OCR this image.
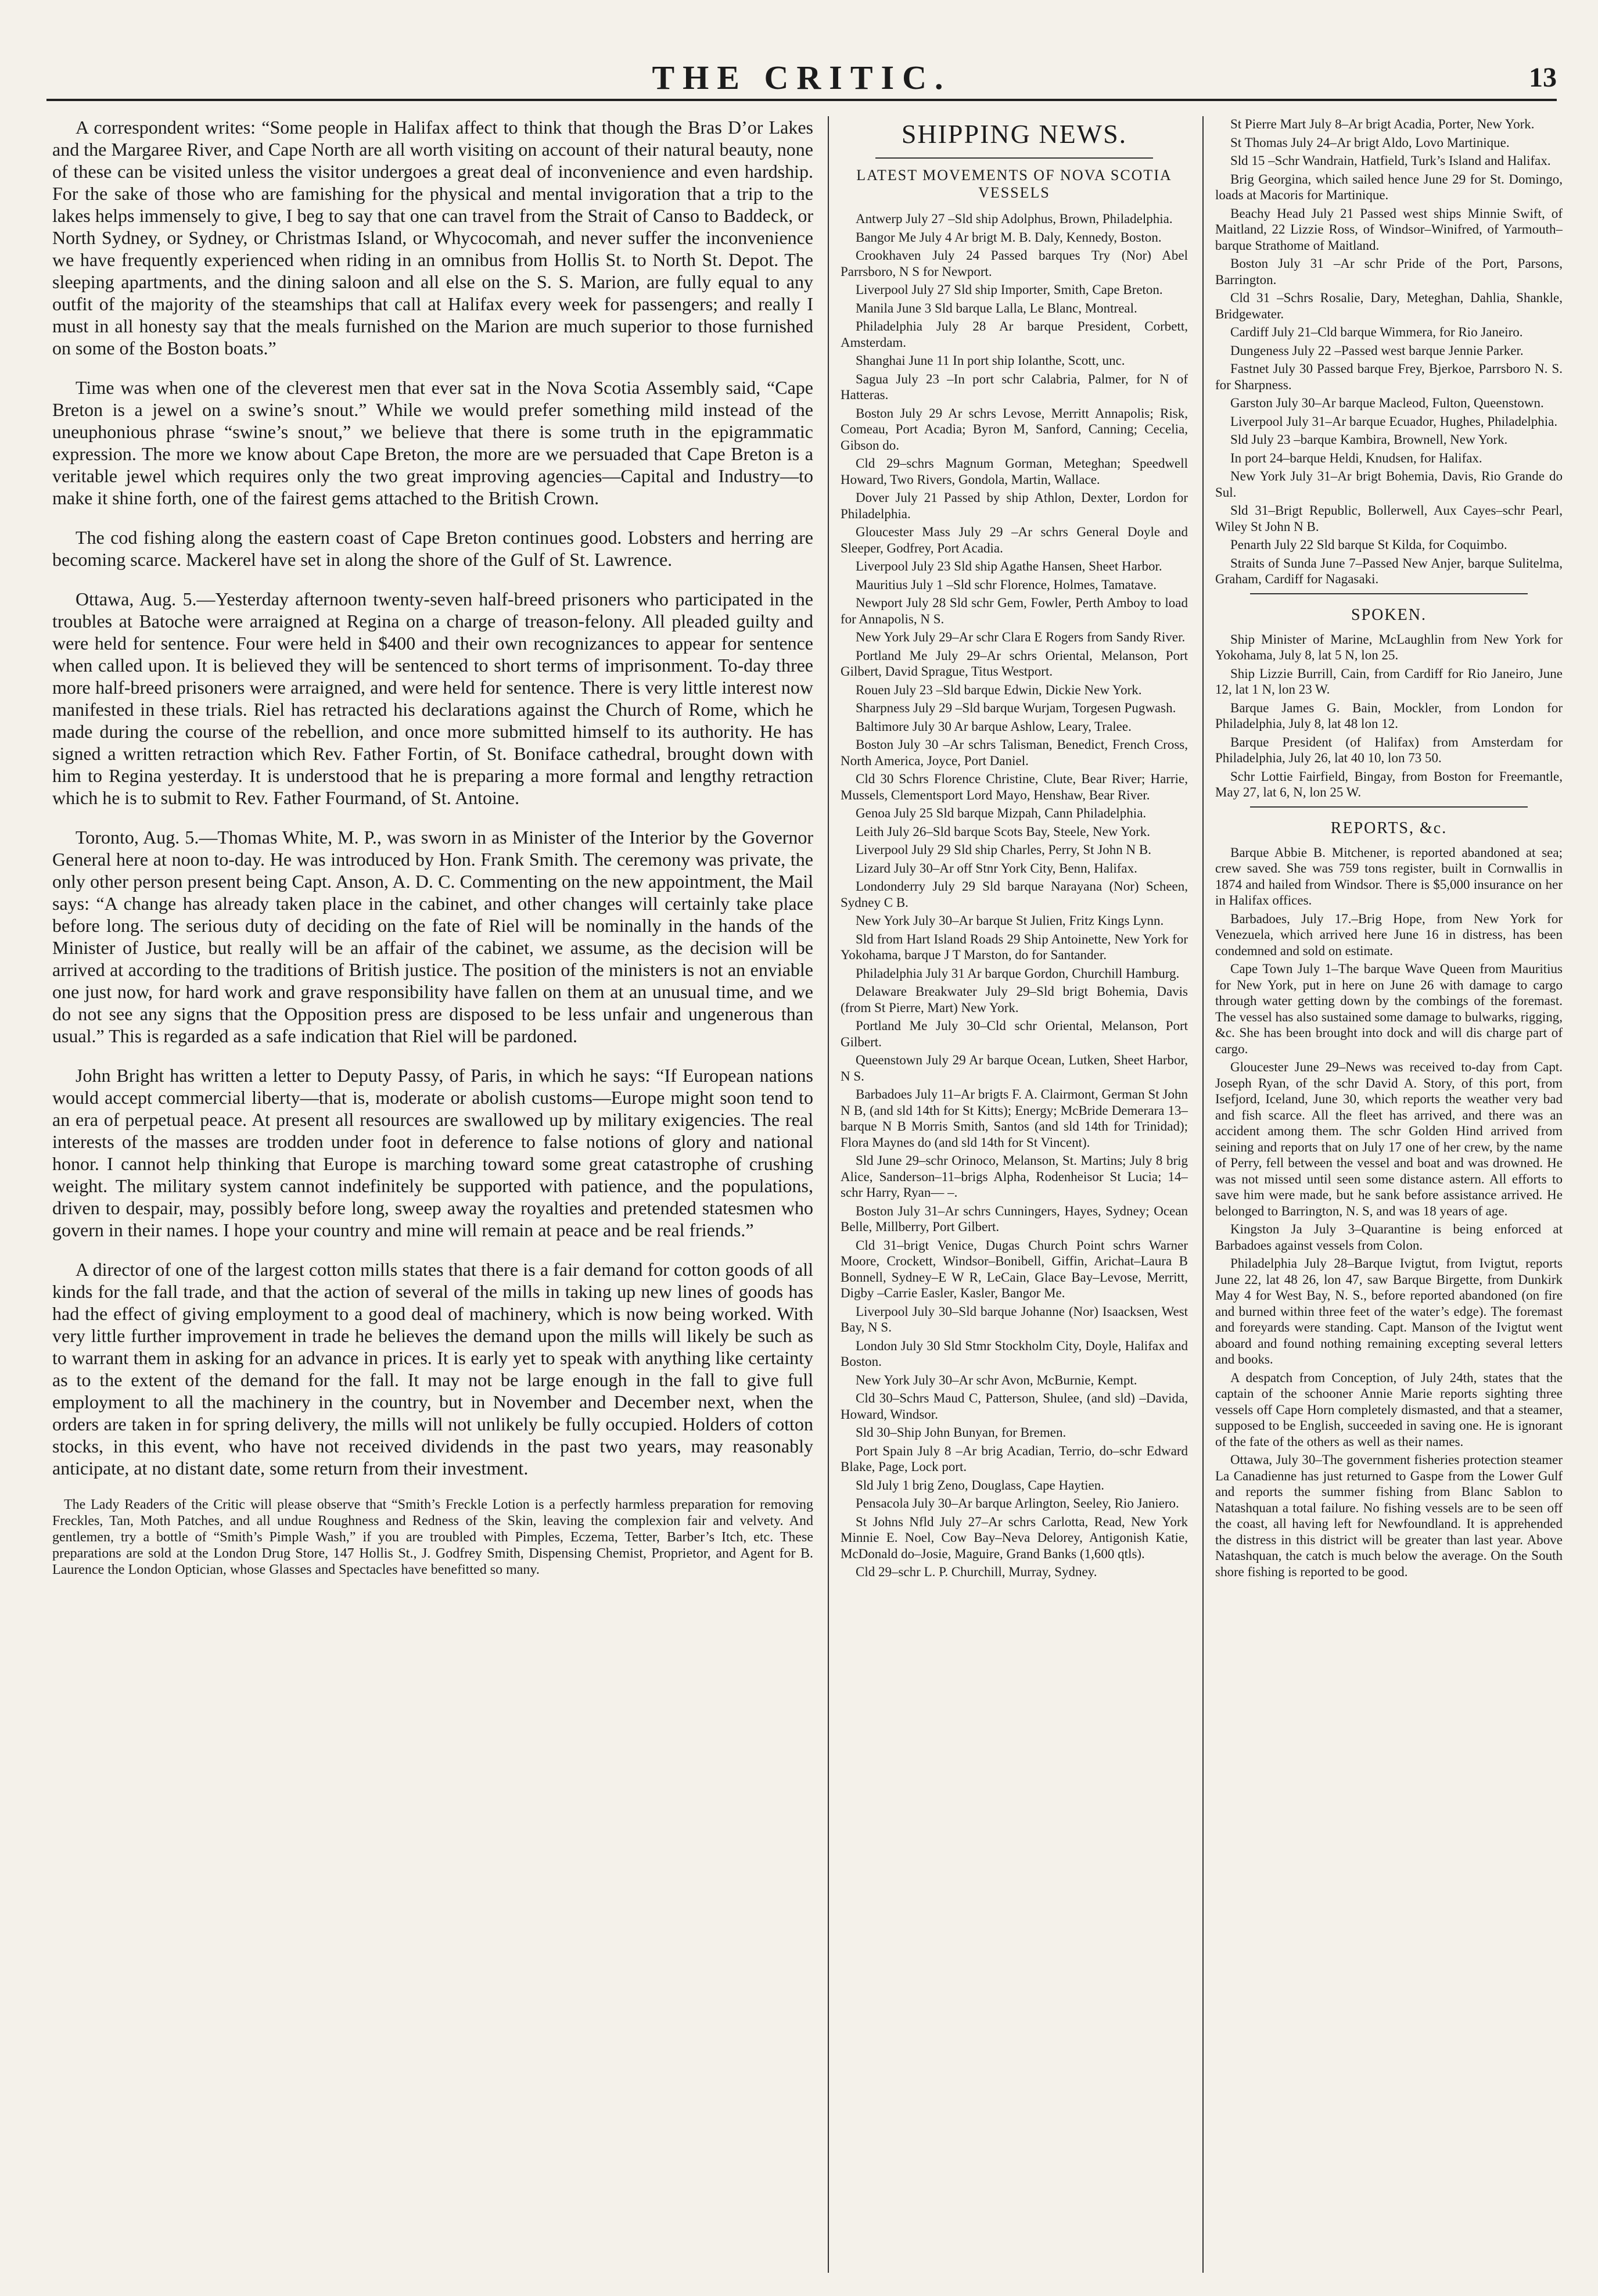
THE CRITIC.	13

A correspondent writes: “Some people in Halifax affect to think that though the Bras D’or Lakes and the Margaree River, and Cape North are all worth visiting on account of their natural beauty, none of these can be visited unless the visitor undergoes a great deal of inconvenience and even hardship. For the sake of those who are famishing for the physical and mental invigoration that a trip to the lakes helps immensely to give, I beg to say that one can travel from the Strait of Canso to Baddeck, or North Sydney, or Sydney, or Christmas Island, or Whycocomah, and never suffer the inconvenience we have frequently experienced when riding in an omnibus from Hollis St. to North St. Depot. The sleeping apartments, and the dining saloon and all else on the S. S. Marion, are fully equal to any outfit of the majority of the steamships that call at Halifax every week for passengers; and really I must in all honesty say that the meals furnished on the Marion are much superior to those furnished on some of the Boston boats.”

Time was when one of the cleverest men that ever sat in the Nova Scotia Assembly said, “Cape Breton is a jewel on a swine’s snout.” While we would prefer something mild instead of the uneuphonious phrase “swine’s snout,” we believe that there is some truth in the epigrammatic expression. The more we know about Cape Breton, the more are we persuaded that Cape Breton is a veritable jewel which requires only the two great improving agencies—Capital and Industry—to make it shine forth, one of the fairest gems attached to the British Crown.

The cod fishing along the eastern coast of Cape Breton continues good. Lobsters and herring are becoming scarce. Mackerel have set in along the shore of the Gulf of St. Lawrence.

Ottawa, Aug. 5.—Yesterday afternoon twenty-seven half-breed prisoners who participated in the troubles at Batoche were arraigned at Regina on a charge of treason-felony. All pleaded guilty and were held for sentence. Four were held in $400 and their own recognizances to appear for sentence when called upon. It is believed they will be sentenced to short terms of imprisonment. To-day three more half-breed prisoners were arraigned, and were held for sentence. There is very little interest now manifested in these trials. Riel has retracted his declarations against the Church of Rome, which he made during the course of the rebellion, and once more submitted himself to its authority. He has signed a written retraction which Rev. Father Fortin, of St. Boniface cathedral, brought down with him to Regina yesterday. It is understood that he is preparing a more formal and lengthy retraction which he is to submit to Rev. Father Fourmand, of St. Antoine.

Toronto, Aug. 5.—Thomas White, M. P., was sworn in as Minister of the Interior by the Governor General here at noon to-day. He was introduced by Hon. Frank Smith. The ceremony was private, the only other person present being Capt. Anson, A. D. C. Commenting on the new appointment, the Mail says: “A change has already taken place in the cabinet, and other changes will certainly take place before long. The serious duty of deciding on the fate of Riel will be nominally in the hands of the Minister of Justice, but really will be an affair of the cabinet, we assume, as the decision will be arrived at according to the traditions of British justice. The position of the ministers is not an enviable one just now, for hard work and grave responsibility have fallen on them at an unusual time, and we do not see any signs that the Opposition press are disposed to be less unfair and ungenerous than usual.” This is regarded as a safe indication that Riel will be pardoned.

John Bright has written a letter to Deputy Passy, of Paris, in which he says: “If European nations would accept commercial liberty—that is, moderate or abolish customs—Europe might soon tend to an era of perpetual peace. At present all resources are swallowed up by military exigencies. The real interests of the masses are trodden under foot in deference to false notions of glory and national honor. I cannot help thinking that Europe is marching toward some great catastrophe of crushing weight. The military system cannot indefinitely be supported with patience, and the populations, driven to despair, may, possibly before long, sweep away the royalties and pretended statesmen who govern in their names. I hope your country and mine will remain at peace and be real friends.”

A director of one of the largest cotton mills states that there is a fair demand for cotton goods of all kinds for the fall trade, and that the action of several of the mills in taking up new lines of goods has had the effect of giving employment to a good deal of machinery, which is now being worked. With very little further improvement in trade he believes the demand upon the mills will likely be such as to warrant them in asking for an advance in prices. It is early yet to speak with anything like certainty as to the extent of the demand for the fall. It may not be large enough in the fall to give full employment to all the machinery in the country, but in November and December next, when the orders are taken in for spring delivery, the mills will not unlikely be fully occupied. Holders of cotton stocks, in this event, who have not received dividends in the past two years, may reasonably anticipate, at no distant date, some return from their investment.

The Lady Readers of the Critic will please observe that “Smith’s Freckle Lotion is a perfectly harmless preparation for removing Freckles, Tan, Moth Patches, and all undue Roughness and Redness of the Skin, leaving the complexion fair and velvety. And gentlemen, try a bottle of “Smith’s Pimple Wash,” if you are troubled with Pimples, Eczema, Tetter, Barber’s Itch, etc. These preparations are sold at the London Drug Store, 147 Hollis St., J. Godfrey Smith, Dispensing Chemist, Proprietor, and Agent for B. Laurence the London Optician, whose Glasses and Spectacles have benefitted so many.

SHIPPING NEWS.
LATEST MOVEMENTS OF NOVA SCOTIA VESSELS

Antwerp July 27 –Sld ship Adolphus, Brown, Philadelphia.

Bangor Me July 4 Ar brigt M. B. Daly, Kennedy, Boston.

Crookhaven July 24 Passed barques Try (Nor) Abel Parrsboro, N S for Newport.

Liverpool July 27 Sld ship Importer, Smith, Cape Breton.

Manila June 3 Sld barque Lalla, Le Blanc, Montreal.

Philadelphia July 28 Ar barque President, Corbett, Amsterdam.

Shanghai June 11 In port ship Iolanthe, Scott, unc.

Sagua July 23 –In port schr Calabria, Palmer, for N of Hatteras.

Boston July 29 Ar schrs Levose, Merritt Annapolis; Risk, Comeau, Port Acadia; Byron M, Sanford, Canning; Cecelia, Gibson do.

Cld 29–schrs Magnum Gorman, Meteghan; Speedwell Howard, Two Rivers, Gondola, Martin, Wallace.

Dover July 21 Passed by ship Athlon, Dexter, Lordon for Philadelphia.

Gloucester Mass July 29 –Ar schrs General Doyle and Sleeper, Godfrey, Port Acadia.

Liverpool July 23 Sld ship Agathe Hansen, Sheet Harbor.

Mauritius July 1 –Sld schr Florence, Holmes, Tamatave.

Newport July 28 Sld schr Gem, Fowler, Perth Amboy to load for Annapolis, N S.

New York July 29–Ar schr Clara E Rogers from Sandy River.

Portland Me July 29–Ar schrs Oriental, Melanson, Port Gilbert, David Sprague, Titus Westport.

Rouen July 23 –Sld barque Edwin, Dickie New York.

Sharpness July 29 –Sld barque Wurjam, Torgesen Pugwash.

Baltimore July 30 Ar barque Ashlow, Leary, Tralee.

Boston July 30 –Ar schrs Talisman, Benedict, French Cross, North America, Joyce, Port Daniel.

Cld 30 Schrs Florence Christine, Clute, Bear River; Harrie, Mussels, Clementsport Lord Mayo, Henshaw, Bear River.

Genoa July 25 Sld barque Mizpah, Cann Philadelphia.

Leith July 26–Sld barque Scots Bay, Steele, New York.

Liverpool July 29 Sld ship Charles, Perry, St John N B.

Lizard July 30–Ar off Stnr York City, Benn, Halifax.

Londonderry July 29 Sld barque Narayana (Nor) Scheen, Sydney C B.

New York July 30–Ar barque St Julien, Fritz Kings Lynn.

Sld from Hart Island Roads 29 Ship Antoinette, New York for Yokohama, barque J T Marston, do for Santander.

Philadelphia July 31 Ar barque Gordon, Churchill Hamburg.

Delaware Breakwater July 29–Sld brigt Bohemia, Davis (from St Pierre, Mart) New York.

Portland Me July 30–Cld schr Oriental, Melanson, Port Gilbert.

Queenstown July 29 Ar barque Ocean, Lutken, Sheet Harbor, N S.

Barbadoes July 11–Ar brigts F. A. Clairmont, German St John N B, (and sld 14th for St Kitts); Energy; McBride Demerara 13–barque N B Morris Smith, Santos (and sld 14th for Trinidad); Flora Maynes do (and sld 14th for St Vincent).

Sld June 29–schr Orinoco, Melanson, St. Martins; July 8 brig Alice, Sanderson–11–brigs Alpha, Rodenheisor St Lucia; 14–schr Harry, Ryan— –.

Boston July 31–Ar schrs Cunningers, Hayes, Sydney; Ocean Belle, Millberry, Port Gilbert.

Cld 31–brigt Venice, Dugas Church Point schrs Warner Moore, Crockett, Windsor–Bonibell, Giffin, Arichat–Laura B Bonnell, Sydney–E W R, LeCain, Glace Bay–Levose, Merritt, Digby –Carrie Easler, Kasler, Bangor Me.

Liverpool July 30–Sld barque Johanne (Nor) Isaacksen, West Bay, N S.

London July 30 Sld Stmr Stockholm City, Doyle, Halifax and Boston.

New York July 30–Ar schr Avon, McBurnie, Kempt.

Cld 30–Schrs Maud C, Patterson, Shulee, (and sld) –Davida, Howard, Windsor.

Sld 30–Ship John Bunyan, for Bremen.

Port Spain July 8 –Ar brig Acadian, Terrio, do–schr Edward Blake, Page, Lock port.

Sld July 1 brig Zeno, Douglass, Cape Haytien.

Pensacola July 30–Ar barque Arlington, Seeley, Rio Janiero.

St Johns Nfld July 27–Ar schrs Carlotta, Read, New York Minnie E. Noel, Cow Bay–Neva Delorey, Antigonish Katie, McDonald do–Josie, Maguire, Grand Banks (1,600 qtls).

Cld 29–schr L. P. Churchill, Murray, Sydney.

St Pierre Mart July 8–Ar brigt Acadia, Porter, New York.

St Thomas July 24–Ar brigt Aldo, Lovo Martinique.

Sld 15 –Schr Wandrain, Hatfield, Turk’s Island and Halifax.

Brig Georgina, which sailed hence June 29 for St. Domingo, loads at Macoris for Martinique.

Beachy Head July 21 Passed west ships Minnie Swift, of Maitland, 22 Lizzie Ross, of Windsor–Winifred, of Yarmouth–barque Strathome of Maitland.

Boston July 31 –Ar schr Pride of the Port, Parsons, Barrington.

Cld 31 –Schrs Rosalie, Dary, Meteghan, Dahlia, Shankle, Bridgewater.

Cardiff July 21–Cld barque Wimmera, for Rio Janeiro.

Dungeness July 22 –Passed west barque Jennie Parker.

Fastnet July 30 Passed barque Frey, Bjerkoe, Parrsboro N. S. for Sharpness.

Garston July 30–Ar barque Macleod, Fulton, Queenstown.

Liverpool July 31–Ar barque Ecuador, Hughes, Philadelphia.

Sld July 23 –barque Kambira, Brownell, New York.

In port 24–barque Heldi, Knudsen, for Halifax.

New York July 31–Ar brigt Bohemia, Davis, Rio Grande do Sul.

Sld 31–Brigt Republic, Bollerwell, Aux Cayes–schr Pearl, Wiley St John N B.

Penarth July 22 Sld barque St Kilda, for Coquimbo.

Straits of Sunda June 7–Passed New Anjer, barque Sulitelma, Graham, Cardiff for Nagasaki.

SPOKEN.

Ship Minister of Marine, McLaughlin from New York for Yokohama, July 8, lat 5 N, lon 25.

Ship Lizzie Burrill, Cain, from Cardiff for Rio Janeiro, June 12, lat 1 N, lon 23 W.

Barque James G. Bain, Mockler, from London for Philadelphia, July 8, lat 48 lon 12.

Barque President (of Halifax) from Amsterdam for Philadelphia, July 26, lat 40 10, lon 73 50.

Schr Lottie Fairfield, Bingay, from Boston for Freemantle, May 27, lat 6, N, lon 25 W.

REPORTS, &c.

Barque Abbie B. Mitchener, is reported abandoned at sea; crew saved. She was 759 tons register, built in Cornwallis in 1874 and hailed from Windsor. There is $5,000 insurance on her in Halifax offices.

Barbadoes, July 17.–Brig Hope, from New York for Venezuela, which arrived here June 16 in distress, has been condemned and sold on estimate.

Cape Town July 1–The barque Wave Queen from Mauritius for New York, put in here on June 26 with damage to cargo through water getting down by the combings of the foremast. The vessel has also sustained some damage to bulwarks, rigging, &c. She has been brought into dock and will dis charge part of cargo.

Gloucester June 29–News was received to-day from Capt. Joseph Ryan, of the schr David A. Story, of this port, from Isefjord, Iceland, June 30, which reports the weather very bad and fish scarce. All the fleet has arrived, and there was an accident among them. The schr Golden Hind arrived from seining and reports that on July 17 one of her crew, by the name of Perry, fell between the vessel and boat and was drowned. He was not missed until seen some distance astern. All efforts to save him were made, but he sank before assistance arrived. He belonged to Barrington, N. S, and was 18 years of age.

Kingston Ja July 3–Quarantine is being enforced at Barbadoes against vessels from Colon.

Philadelphia July 28–Barque Ivigtut, from Ivigtut, reports June 22, lat 48 26, lon 47, saw Barque Birgette, from Dunkirk May 4 for West Bay, N. S., before reported abandoned (on fire and burned within three feet of the water’s edge). The foremast and foreyards were standing. Capt. Manson of the Ivigtut went aboard and found nothing remaining excepting several letters and books.

A despatch from Conception, of July 24th, states that the captain of the schooner Annie Marie reports sighting three vessels off Cape Horn completely dismasted, and that a steamer, supposed to be English, succeeded in saving one. He is ignorant of the fate of the others as well as their names.

Ottawa, July 30–The government fisheries protection steamer La Canadienne has just returned to Gaspe from the Lower Gulf and reports the summer fishing from Blanc Sablon to Natashquan a total failure. No fishing vessels are to be seen off the coast, all having left for Newfoundland. It is apprehended the distress in this district will be greater than last year. Above Natashquan, the catch is much below the average. On the South shore fishing is reported to be good.
